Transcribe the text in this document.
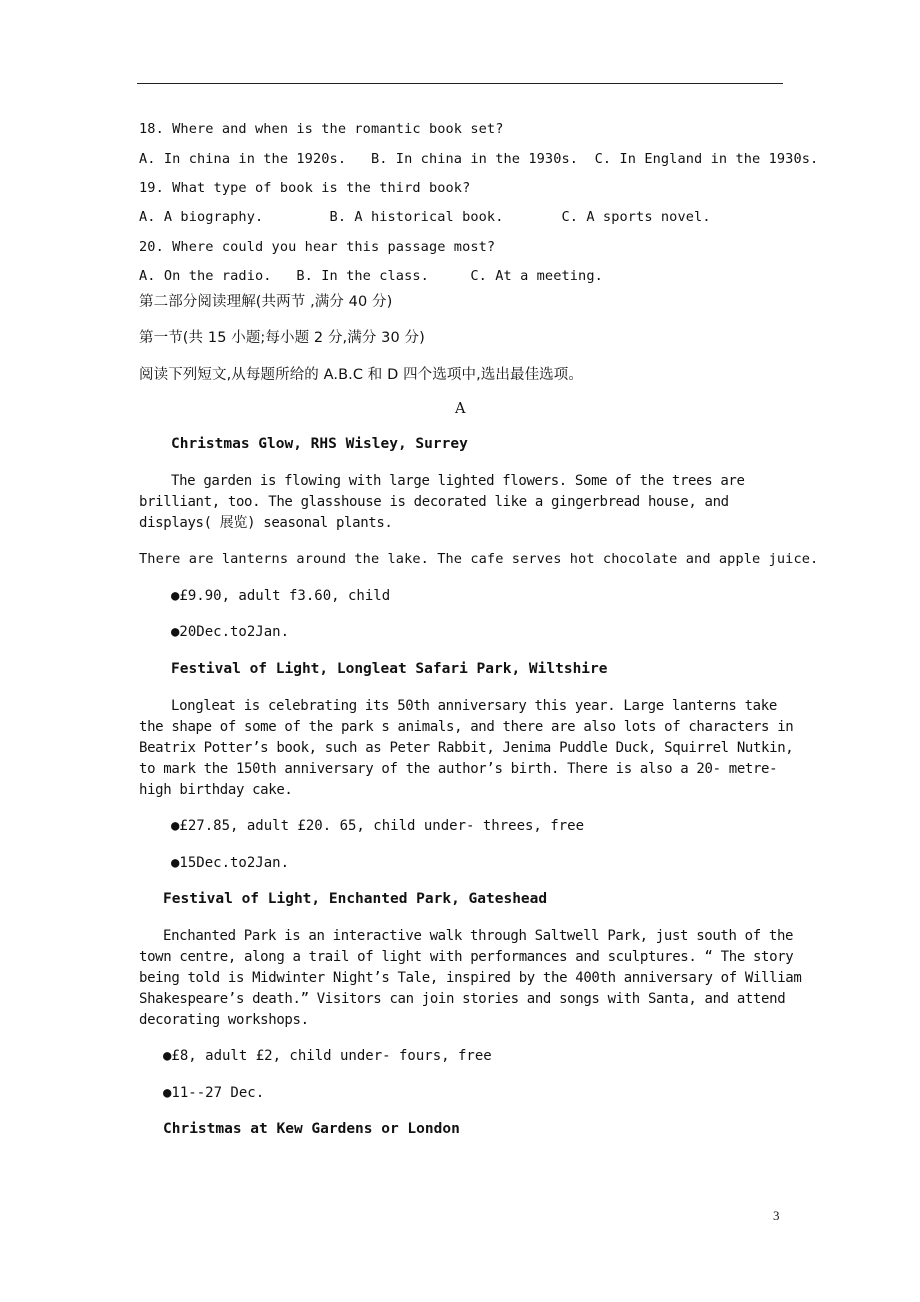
18. Where and when is the romantic book set?
A. In china in the 1920s.   B. In china in the 1930s.  C. In England in the 1930s.
19. What type of book is the third book?
A. A biography.        B. A historical book.       C. A sports novel.
20. Where could you hear this passage most?
A. On the radio.   B. In the class.     C. At a meeting.
第二部分阅读理解(共两节 ,满分 40 分)
第一节(共 15 小题;每小题 2 分,满分 30 分)
阅读下列短文,从每题所给的 A.B.C 和 D 四个选项中,选出最佳选项。
A
Christmas Glow, RHS Wisley, Surrey
The garden is flowing with large lighted flowers. Some of the trees are brilliant, too. The glasshouse is decorated like a gingerbread house, and displays( 展览) seasonal plants.
There are lanterns around the lake. The cafe serves hot chocolate and apple juice.
●£9.90, adult f3.60, child
●20Dec.to2Jan.
Festival of Light, Longleat Safari Park, Wiltshire
Longleat is celebrating its 50th anniversary this year. Large lanterns take the shape of some of the park s animals, and there are also lots of characters in Beatrix Potter’s book, such as Peter Rabbit, Jenima Puddle Duck, Squirrel Nutkin, to mark the 150th anniversary of the author’s birth. There is also a 20- metre- high birthday cake.
●£27.85, adult £20. 65, child under- threes, free
●15Dec.to2Jan.
Festival of Light, Enchanted Park, Gateshead
Enchanted Park is an interactive walk through Saltwell Park, just south of the town centre, along a trail of light with performances and sculptures. “ The story being told is Midwinter Night’s Tale, inspired by the 400th anniversary of William Shakespeare’s death.” Visitors can join stories and songs with Santa, and attend decorating workshops.
●£8, adult £2, child under- fours, free
●11--27 Dec.
Christmas at Kew Gardens or London
3
